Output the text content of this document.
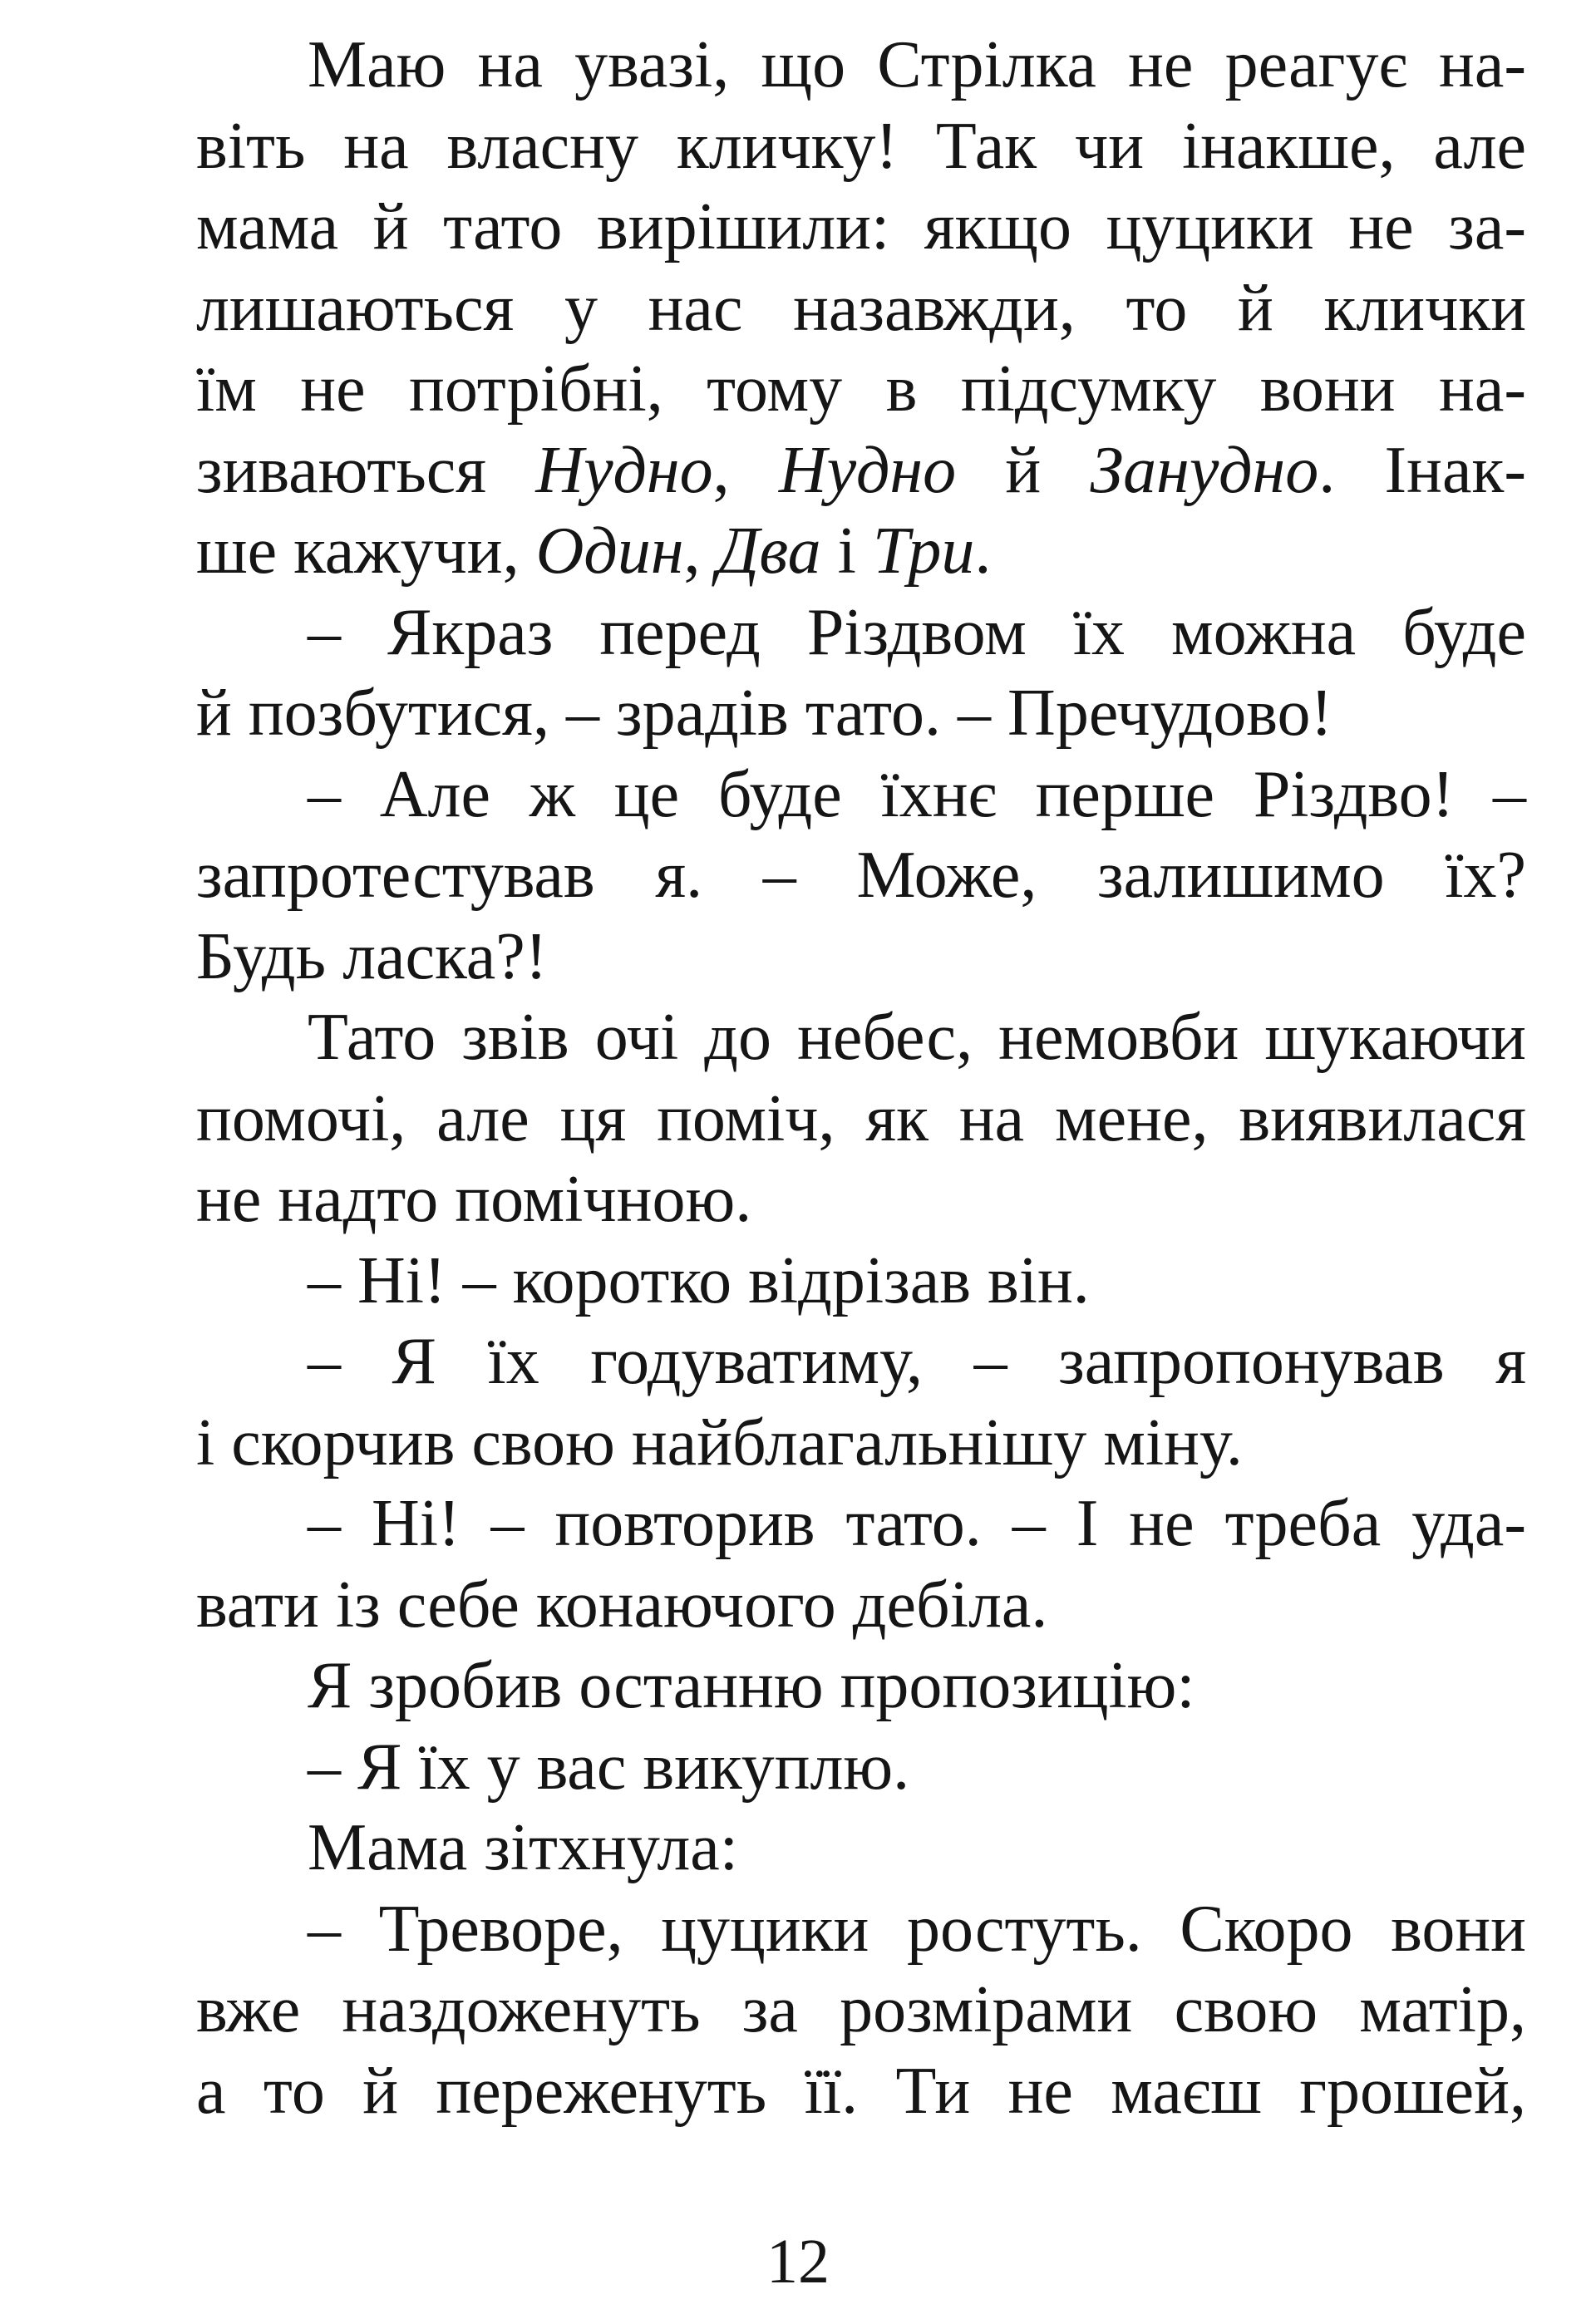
Маю на увазі, що Стрілка не реагує на-
віть на власну кличку! Так чи інакше, але
мама й тато вирішили: якщо цуцики не за-
лишаються у нас назавжди, то й клички
їм не потрібні, тому в підсумку вони на-
зиваються Нудно, Нудно й Занудно. Інак-
ше кажучи, Один, Два і Три.
– Якраз перед Різдвом їх можна буде
й позбутися, – зрадів тато. – Пречудово!
– Але ж це буде їхнє перше Різдво! –
запротестував я. – Може, залишимо їх?
Будь ласка?!
Тато звів очі до небес, немовби шукаючи
помочі, але ця поміч, як на мене, виявилася
не надто помічною.
– Ні! – коротко відрізав він.
– Я їх годуватиму, – запропонував я
і скорчив свою найблагальнішу міну.
– Ні! – повторив тато. – І не треба уда-
вати із себе конаючого дебіла.
Я зробив останню пропозицію:
– Я їх у вас викуплю.
Мама зітхнула:
– Треворе, цуцики ростуть. Скоро вони
вже наздоженуть за розмірами свою матір,
а то й переженуть її. Ти не маєш грошей,
12
